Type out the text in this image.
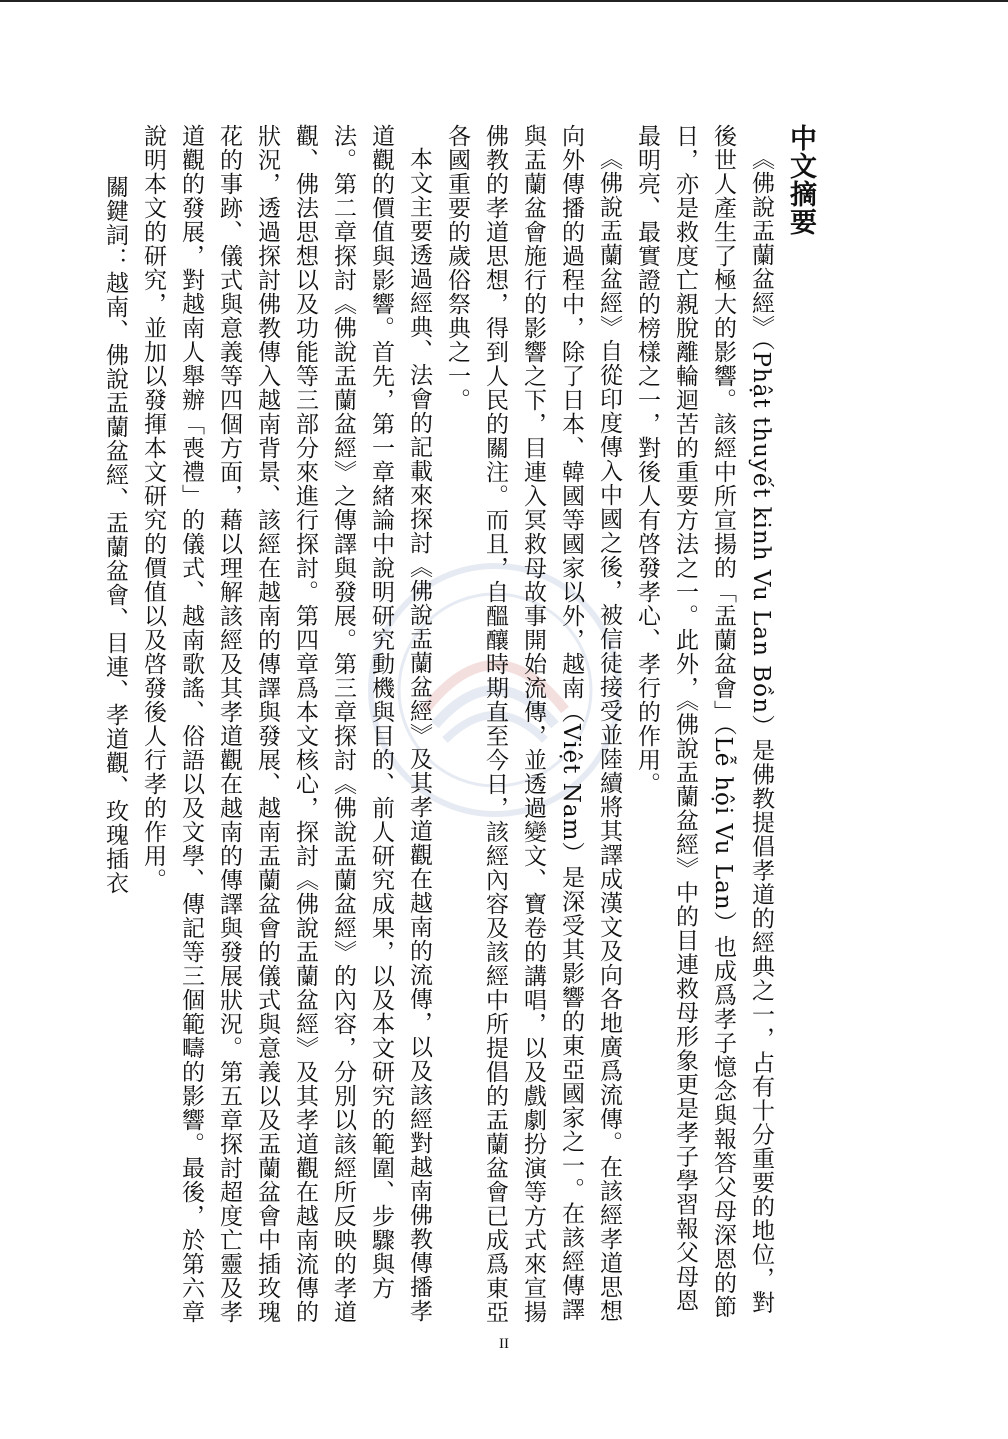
中文摘要

《佛說盂蘭盆經》（Phật thuyết kinh Vu Lan Bồn）是佛教提倡孝道的經典之一，占有十分重要的地位，對後世人產生了極大的影響。該經中所宣揚的「盂蘭盆會」（Lễ hội Vu Lan）也成爲孝子憶念與報答父母深恩的節日，亦是救度亡親脫離輪迴苦的重要方法之一。此外，《佛說盂蘭盆經》中的目連救母形象更是孝子學習報父母恩最明亮、最實證的榜樣之一，對後人有啓發孝心、孝行的作用。

《佛說盂蘭盆經》自從印度傳入中國之後，被信徒接受並陸續將其譯成漢文及向各地廣爲流傳。在該經孝道思想向外傳播的過程中，除了日本、韓國等國家以外，越南（Việt Nam）是深受其影響的東亞國家之一。在該經傳譯與盂蘭盆會施行的影響之下，目連入冥救母故事開始流傳，並透過變文、寶卷的講唱，以及戲劇扮演等方式來宣揚佛教的孝道思想，得到人民的關注。而且，自醞釀時期直至今日，該經內容及該經中所提倡的盂蘭盆會已成爲東亞各國重要的歲俗祭典之一。

本文主要透過經典、法會的記載來探討《佛說盂蘭盆經》及其孝道觀在越南的流傳，以及該經對越南佛教傳播孝道觀的價值與影響。首先，第一章緒論中說明研究動機與目的、前人研究成果，以及本文研究的範圍、步驟與方法。第二章探討《佛說盂蘭盆經》之傳譯與發展。第三章探討《佛說盂蘭盆經》的內容，分別以該經所反映的孝道觀、佛法思想以及功能等三部分來進行探討。第四章爲本文核心，探討《佛說盂蘭盆經》及其孝道觀在越南流傳的狀況，透過探討佛教傳入越南背景、該經在越南的傳譯與發展、越南盂蘭盆會的儀式與意義以及盂蘭盆會中插玫瑰花的事跡、儀式與意義等四個方面，藉以理解該經及其孝道觀在越南的傳譯與發展狀況。第五章探討超度亡靈及孝道觀的發展，對越南人舉辦「喪禮」的儀式、越南歌謠、俗語以及文學、傳記等三個範疇的影響。最後，於第六章說明本文的研究，並加以發揮本文研究的價值以及啓發後人行孝的作用。

關鍵詞：越南、佛說盂蘭盆經、盂蘭盆會、目連、孝道觀、玫瑰插衣

II
